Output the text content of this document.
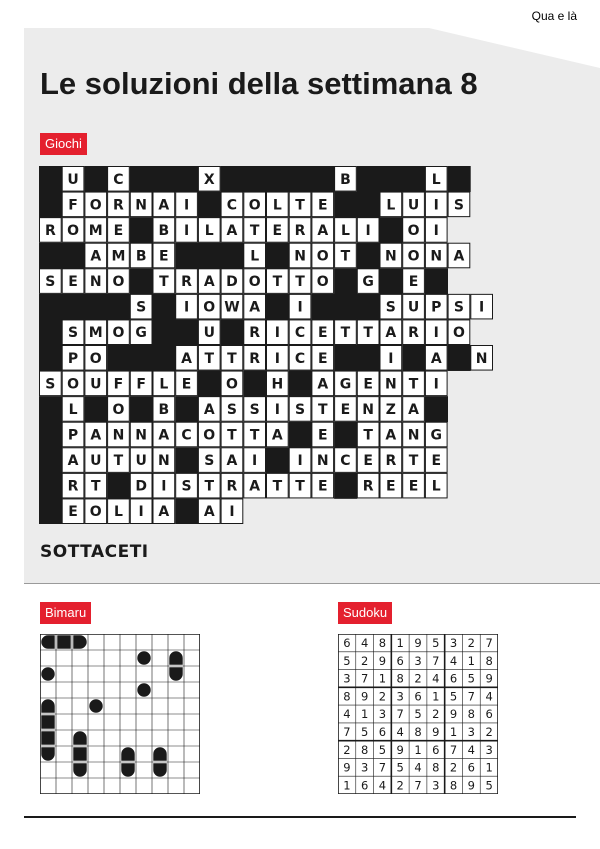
Qua e là
Le soluzioni della settimana 8
Giochi
U C	X	B	L
F O R N A I	C O L T E	L U I S
R O M E	B I L A T E R A L I	O I
A M B E	L	N O T N O N A
S E N O T R A D O T T O G E
S	I O W A	I	S U P S I
S M O G	U R I C E T T A R I O
P O	A T T R I C E	I	A N
S O U F F L E O H A G E N T I
L O B A S S I S T E N Z A
P A N N A C O T T A	E	T A N G
A U T U N S A I	I N C E R T E
R T D I S T R A T T E	R E E L
E O L I A A I
SOTTACETI
Bimaru	Sudoku
6 4 8 1 9 5 3 2 7
5 2 9 6 3 7 4 1 8
3 7 1 8 2 4 6 5 9
8 9 2 3 6 1 5 7 4
4 1 3 7 5 2 9 8 6
7 5 6 4 8 9 1 3 2
2 8 5 9 1 6 7 4 3
9 3 7 5 4 8 2 6 1
1 6 4 2 7 3 8 9 5
